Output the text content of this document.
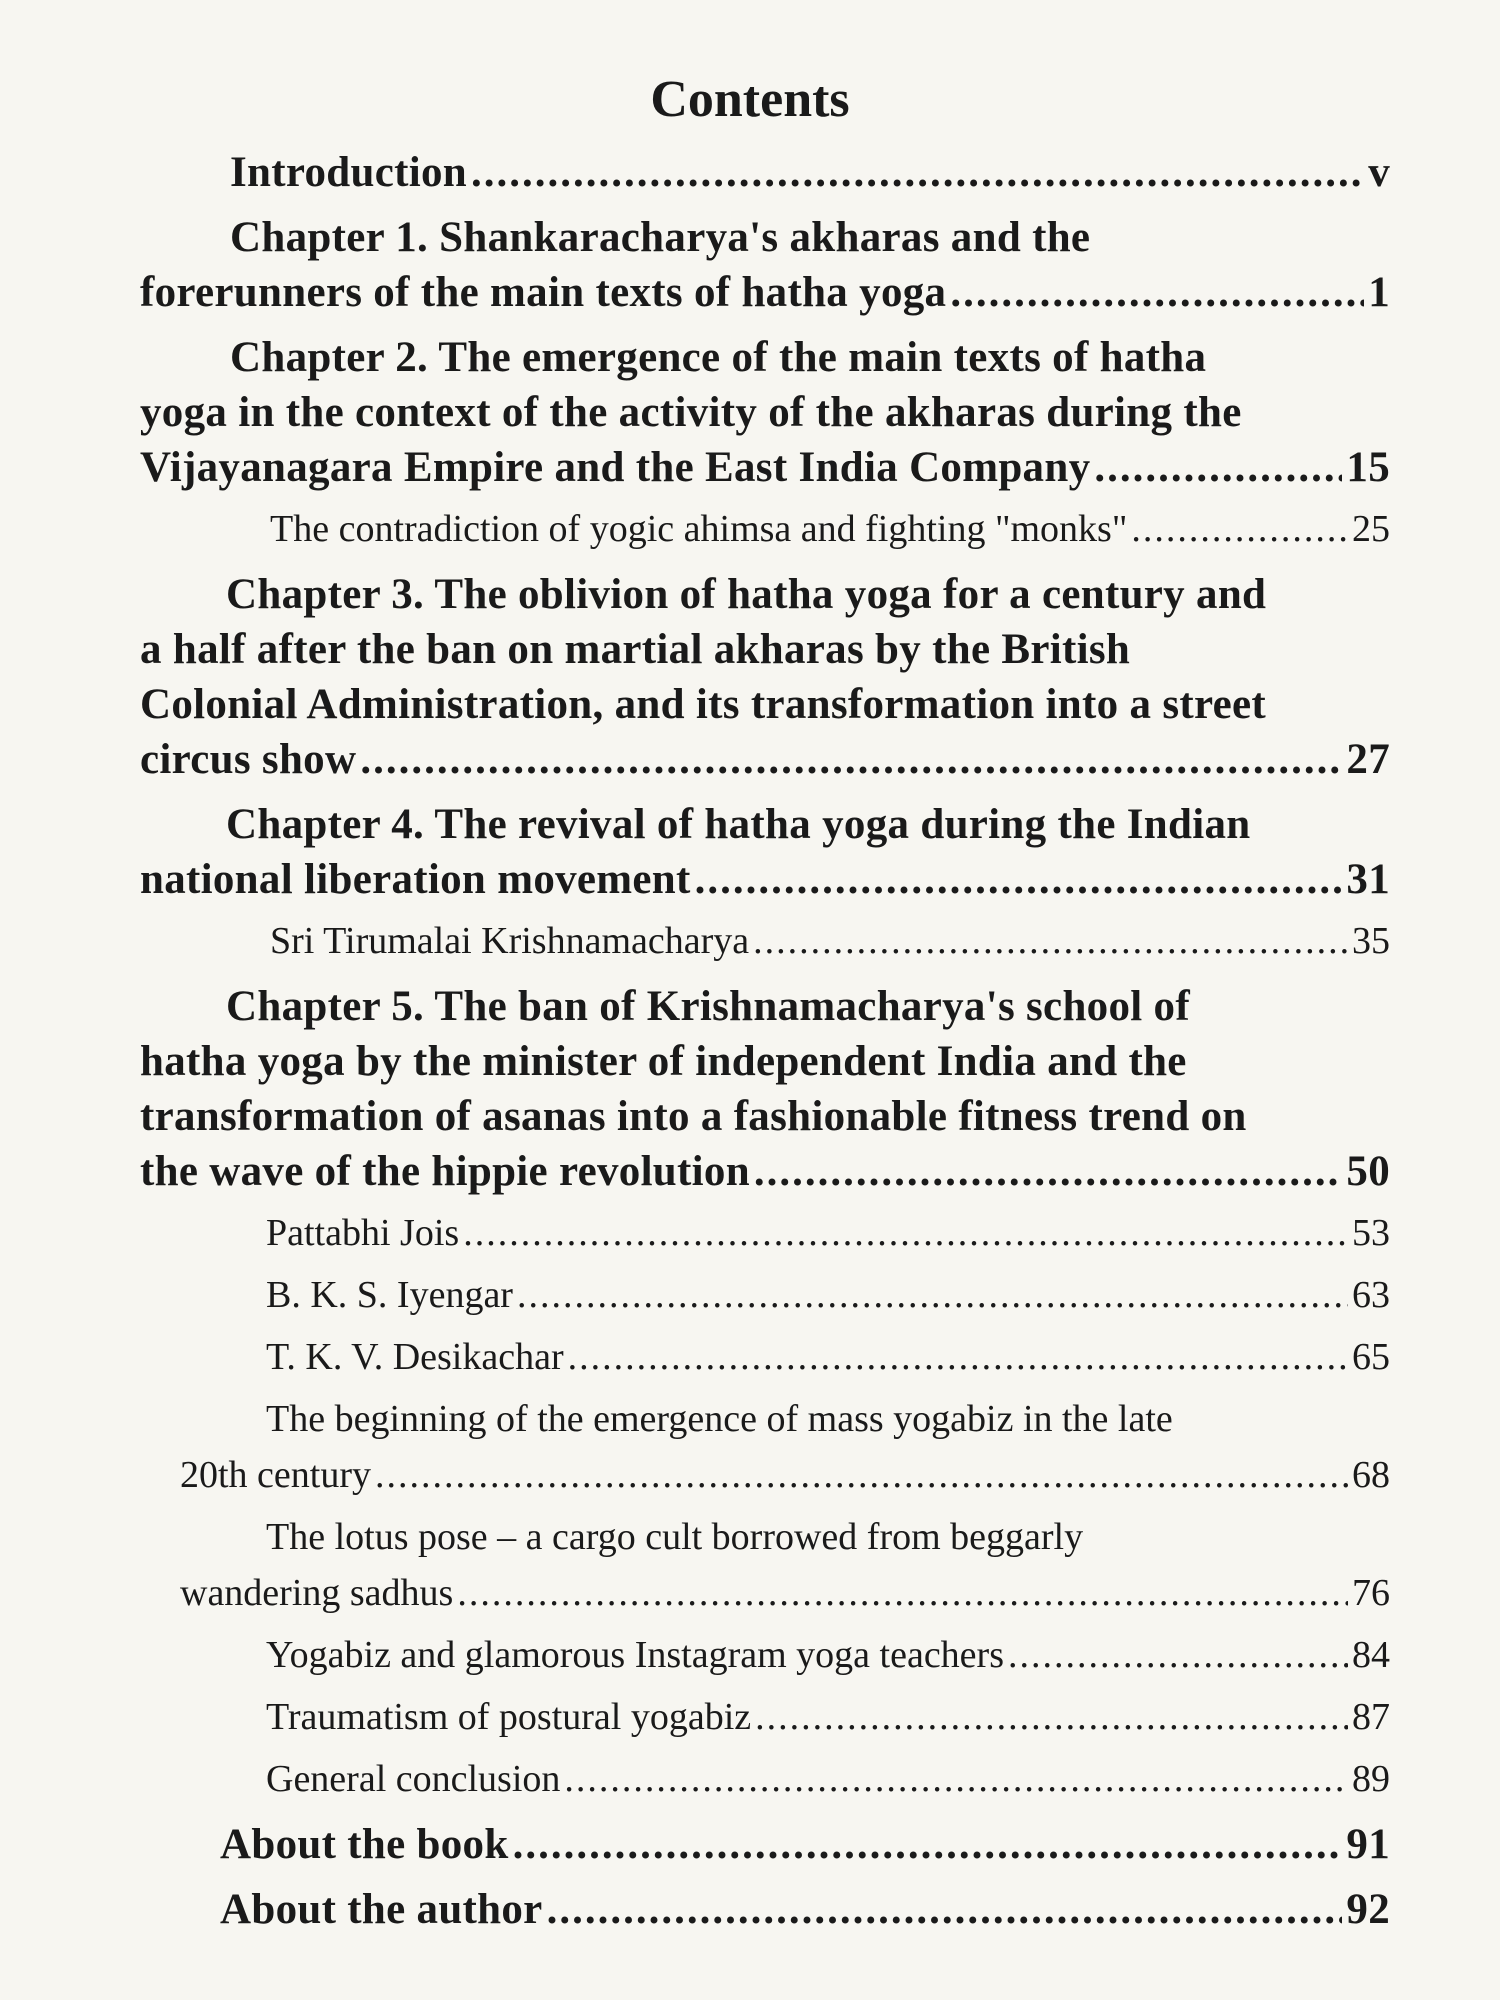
Contents
Introduction .....	v
Chapter 1. Shankaracharya's akharas and the
forerunners of the main texts of hatha yoga .....	1
Chapter 2. The emergence of the main texts of hatha
yoga in the context of the activity of the akharas during the
Vijayanagara Empire and the East India Company .....	15
The contradiction of yogic ahimsa and fighting "monks" .....	25
Chapter 3. The oblivion of hatha yoga for a century and
a half after the ban on martial akharas by the British
Colonial Administration, and its transformation into a street
circus show .....	27
Chapter 4. The revival of hatha yoga during the Indian
national liberation movement .....	31
Sri Tirumalai Krishnamacharya .....	35
Chapter 5. The ban of Krishnamacharya's school of
hatha yoga by the minister of independent India and the
transformation of asanas into a fashionable fitness trend on
the wave of the hippie revolution .....	50
Pattabhi Jois .....	53
B. K. S. Iyengar .....	63
T. K. V. Desikachar .....	65
The beginning of the emergence of mass yogabiz in the late
20th century .....	68
The lotus pose – a cargo cult borrowed from beggarly
wandering sadhus .....	76
Yogabiz and glamorous Instagram yoga teachers .....	84
Traumatism of postural yogabiz .....	87
General conclusion .....	89
About the book .....	91
About the author .....	92
